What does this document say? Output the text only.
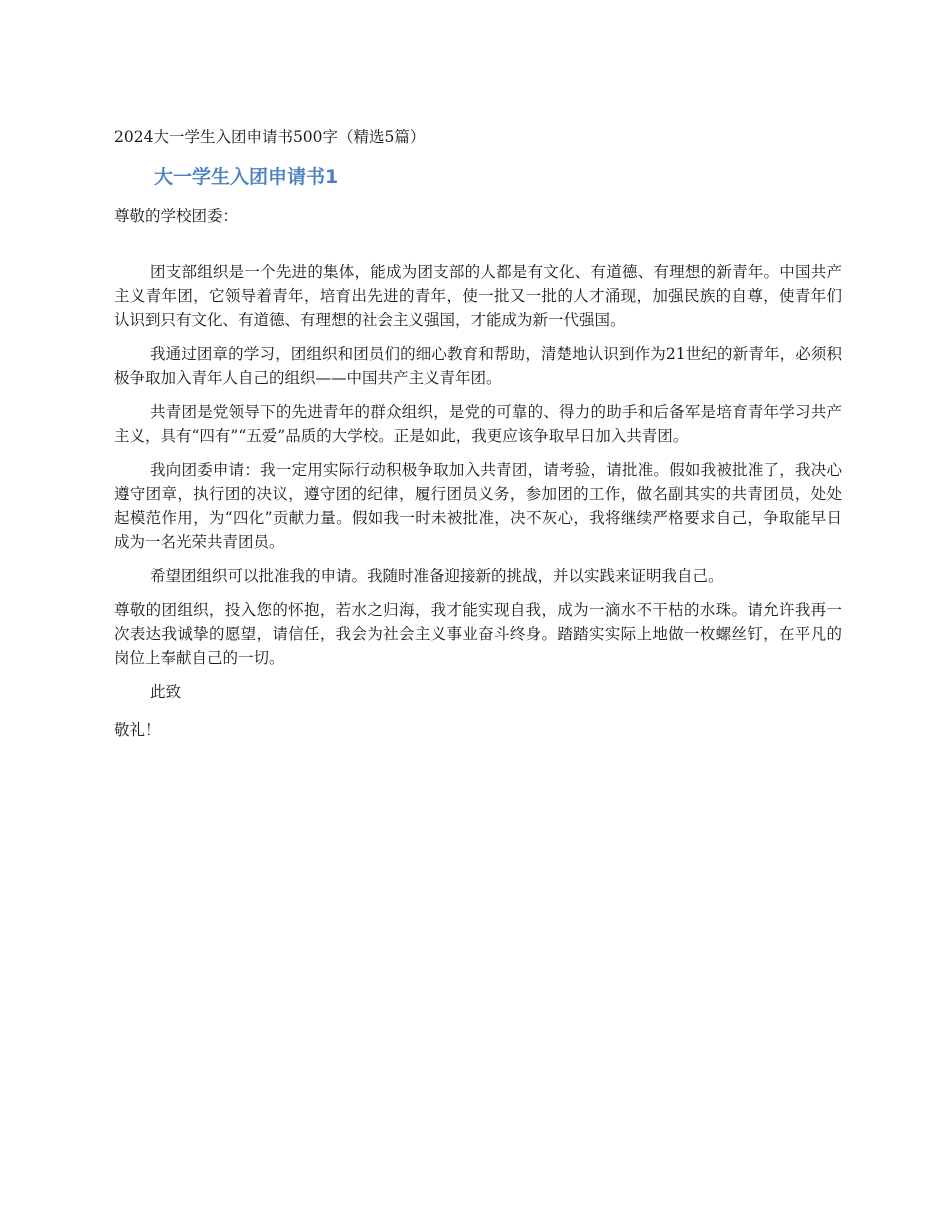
2024大一学生入团申请书500字（精选5篇）
大一学生入团申请书1
尊敬的学校团委：

团支部组织是一个先进的集体，能成为团支部的人都是有文化、有道德、有理想的新青年。中国共产主义青年团，它领导着青年，培育出先进的青年，使一批又一批的人才涌现，加强民族的自尊，使青年们认识到只有文化、有道德、有理想的社会主义强国，才能成为新一代强国。

我通过团章的学习，团组织和团员们的细心教育和帮助，清楚地认识到作为21世纪的新青年，必须积极争取加入青年人自己的组织——中国共产主义青年团。

共青团是党领导下的先进青年的群众组织，是党的可靠的、得力的助手和后备军是培育青年学习共产主义，具有“四有”“五爱”品质的大学校。正是如此，我更应该争取早日加入共青团。

我向团委申请：我一定用实际行动积极争取加入共青团，请考验，请批准。假如我被批准了，我决心遵守团章，执行团的决议，遵守团的纪律，履行团员义务，参加团的工作，做名副其实的共青团员，处处起模范作用，为“四化”贡献力量。假如我一时未被批准，决不灰心，我将继续严格要求自己，争取能早日成为一名光荣共青团员。

希望团组织可以批准我的申请。我随时准备迎接新的挑战，并以实践来证明我自己。

尊敬的团组织，投入您的怀抱，若水之归海，我才能实现自我，成为一滴水不干枯的水珠。请允许我再一次表达我诚挚的愿望，请信任，我会为社会主义事业奋斗终身。踏踏实实际上地做一枚螺丝钉，在平凡的岗位上奉献自己的一切。

此致

敬礼！
